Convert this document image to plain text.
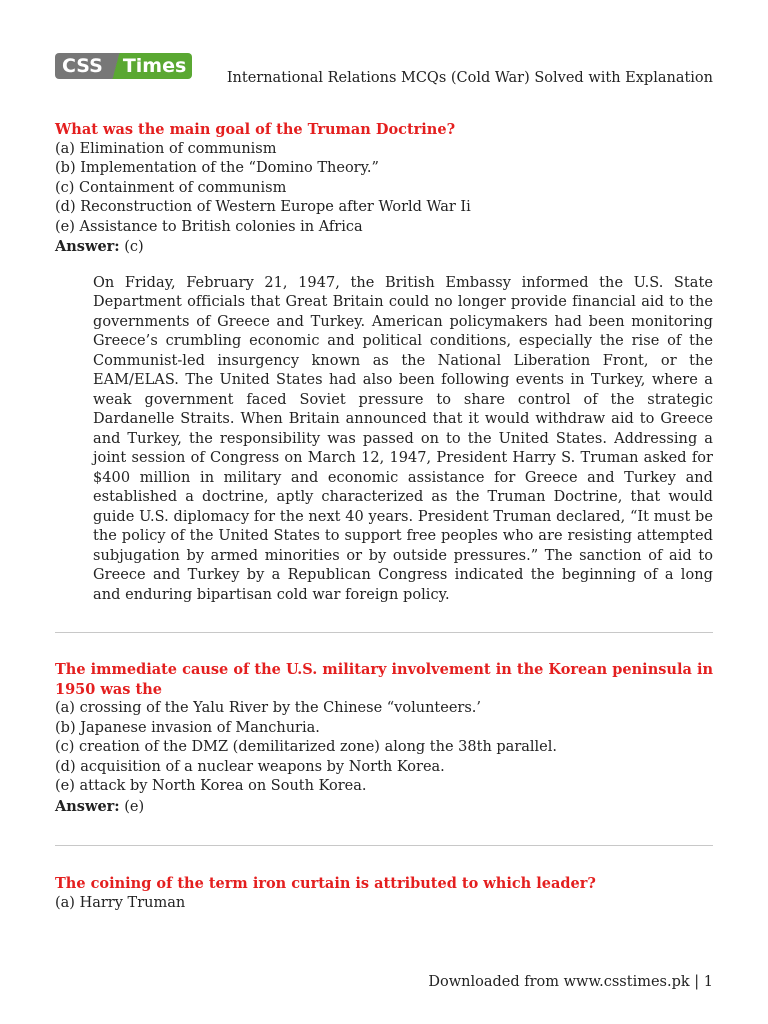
CSS	Times
International Relations MCQs (Cold War) Solved with Explanation
What was the main goal of the Truman Doctrine?
(a) Elimination of communism
(b) Implementation of the “Domino Theory.”
(c) Containment of communism
(d) Reconstruction of Western Europe after World War Ii
(e) Assistance to British colonies in Africa
Answer: (c)
On Friday, February 21, 1947, the British Embassy informed the U.S. State Department officials that Great Britain could no longer provide financial aid to the governments of Greece and Turkey. American policymakers had been monitoring Greece’s crumbling economic and political conditions, especially the rise of the Communist-led insurgency known as the National Liberation Front, or the EAM/ELAS. The United States had also been following events in Turkey, where a weak government faced Soviet pressure to share control of the strategic Dardanelle Straits. When Britain announced that it would withdraw aid to Greece and Turkey, the responsibility was passed on to the United States. Addressing a joint session of Congress on March 12, 1947, President Harry S. Truman asked for $400 million in military and economic assistance for Greece and Turkey and established a doctrine, aptly characterized as the Truman Doctrine, that would guide U.S. diplomacy for the next 40 years. President Truman declared, “It must be the policy of the United States to support free peoples who are resisting attempted subjugation by armed minorities or by outside pressures.” The sanction of aid to Greece and Turkey by a Republican Congress indicated the beginning of a long and enduring bipartisan cold war foreign policy.
The immediate cause of the U.S. military involvement in the Korean peninsula in 1950 was the
(a) crossing of the Yalu River by the Chinese “volunteers.’
(b) Japanese invasion of Manchuria.
(c) creation of the DMZ (demilitarized zone) along the 38th parallel.
(d) acquisition of a nuclear weapons by North Korea.
(e) attack by North Korea on South Korea.
Answer: (e)
The coining of the term iron curtain is attributed to which leader?
(a) Harry Truman
Downloaded from www.csstimes.pk | 1
